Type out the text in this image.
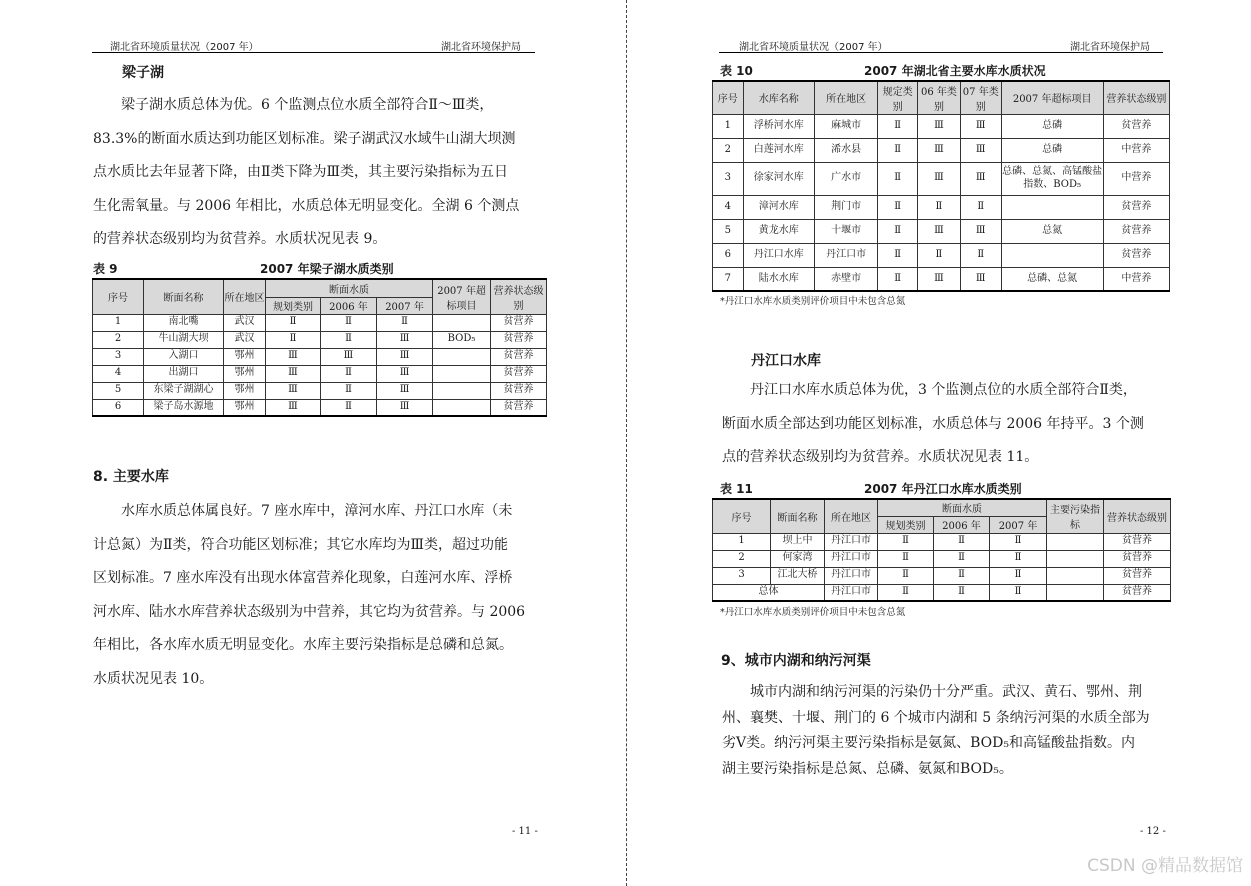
湖北省环境质量状况（2007 年）	湖北省环境保护局
梁子湖

梁子湖水质总体为优。6 个监测点位水质全部符合Ⅱ～Ⅲ类，

83.3%的断面水质达到功能区划标准。梁子湖武汉水域牛山湖大坝测

点水质比去年显著下降，由Ⅱ类下降为Ⅲ类，其主要污染指标为五日

生化需氧量。与 2006 年相比，水质总体无明显变化。全湖 6 个测点

的营养状态级别均为贫营养。水质状况见表 9。

表 9	2007 年梁子湖水质类别
序号	断面名称	所在地区	断面水质			2007 年超标项目	营养状态级别
			规划类别	2006 年	2007 年		
1	南北嘴	武汉	Ⅱ	Ⅱ	Ⅱ		贫营养
2	牛山湖大坝	武汉	Ⅱ	Ⅱ	Ⅲ	BOD₅	贫营养
3	入湖口	鄂州	Ⅲ	Ⅲ	Ⅲ		贫营养
4	出湖口	鄂州	Ⅲ	Ⅱ	Ⅲ		贫营养
5	东梁子湖湖心	鄂州	Ⅲ	Ⅱ	Ⅲ		贫营养
6	梁子岛水源地	鄂州	Ⅲ	Ⅱ	Ⅲ		贫营养
8. 主要水库

水库水质总体属良好。7 座水库中，漳河水库、丹江口水库（未

计总氮）为Ⅱ类，符合功能区划标准；其它水库均为Ⅲ类，超过功能

区划标准。7 座水库没有出现水体富营养化现象，白莲河水库、浮桥

河水库、陆水水库营养状态级别为中营养，其它均为贫营养。与 2006

年相比，各水库水质无明显变化。水库主要污染指标是总磷和总氮。

水质状况见表 10。

- 11 -
湖北省环境质量状况（2007 年）	湖北省环境保护局
表 10	2007 年湖北省主要水库水质状况
序号	水库名称	所在地区	规定类别	06 年类别	07 年类别	2007 年超标项目	营养状态级别
1	浮桥河水库	麻城市	Ⅱ	Ⅲ	Ⅲ	总磷	贫营养
2	白莲河水库	浠水县	Ⅱ	Ⅲ	Ⅲ	总磷	中营养
3	徐家河水库	广水市	Ⅱ	Ⅲ	Ⅲ	总磷、总氮、高锰酸盐指数、BOD₅	中营养
4	漳河水库	荆门市	Ⅱ	Ⅱ	Ⅱ		贫营养
5	黄龙水库	十堰市	Ⅱ	Ⅲ	Ⅲ	总氮	贫营养
6	丹江口水库	丹江口市	Ⅱ	Ⅱ	Ⅱ		贫营养
7	陆水水库	赤壁市	Ⅱ	Ⅲ	Ⅲ	总磷、总氮	中营养
*丹江口水库水质类别评价项目中未包含总氮
丹江口水库

丹江口水库水质总体为优，3 个监测点位的水质全部符合Ⅱ类，

断面水质全部达到功能区划标准，水质总体与 2006 年持平。3 个测

点的营养状态级别均为贫营养。水质状况见表 11。

表 11	2007 年丹江口水库水质类别
序号	断面名称	所在地区	断面水质			主要污染指标	营养状态级别
			规划类别	2006 年	2007 年		
1	坝上中	丹江口市	Ⅱ	Ⅱ	Ⅱ		贫营养
2	何家湾	丹江口市	Ⅱ	Ⅱ	Ⅱ		贫营养
3	江北大桥	丹江口市	Ⅱ	Ⅱ	Ⅱ		贫营养
总体		丹江口市	Ⅱ	Ⅱ	Ⅱ		贫营养
*丹江口水库水质类别评价项目中未包含总氮
9、城市内湖和纳污河渠

城市内湖和纳污河渠的污染仍十分严重。武汉、黄石、鄂州、荆

州、襄樊、十堰、荆门的 6 个城市内湖和 5 条纳污河渠的水质全部为

劣Ⅴ类。纳污河渠主要污染指标是氨氮、BOD₅和高锰酸盐指数。内

湖主要污染指标是总氮、总磷、氨氮和BOD₅。

- 12 -
CSDN @精品数据馆
